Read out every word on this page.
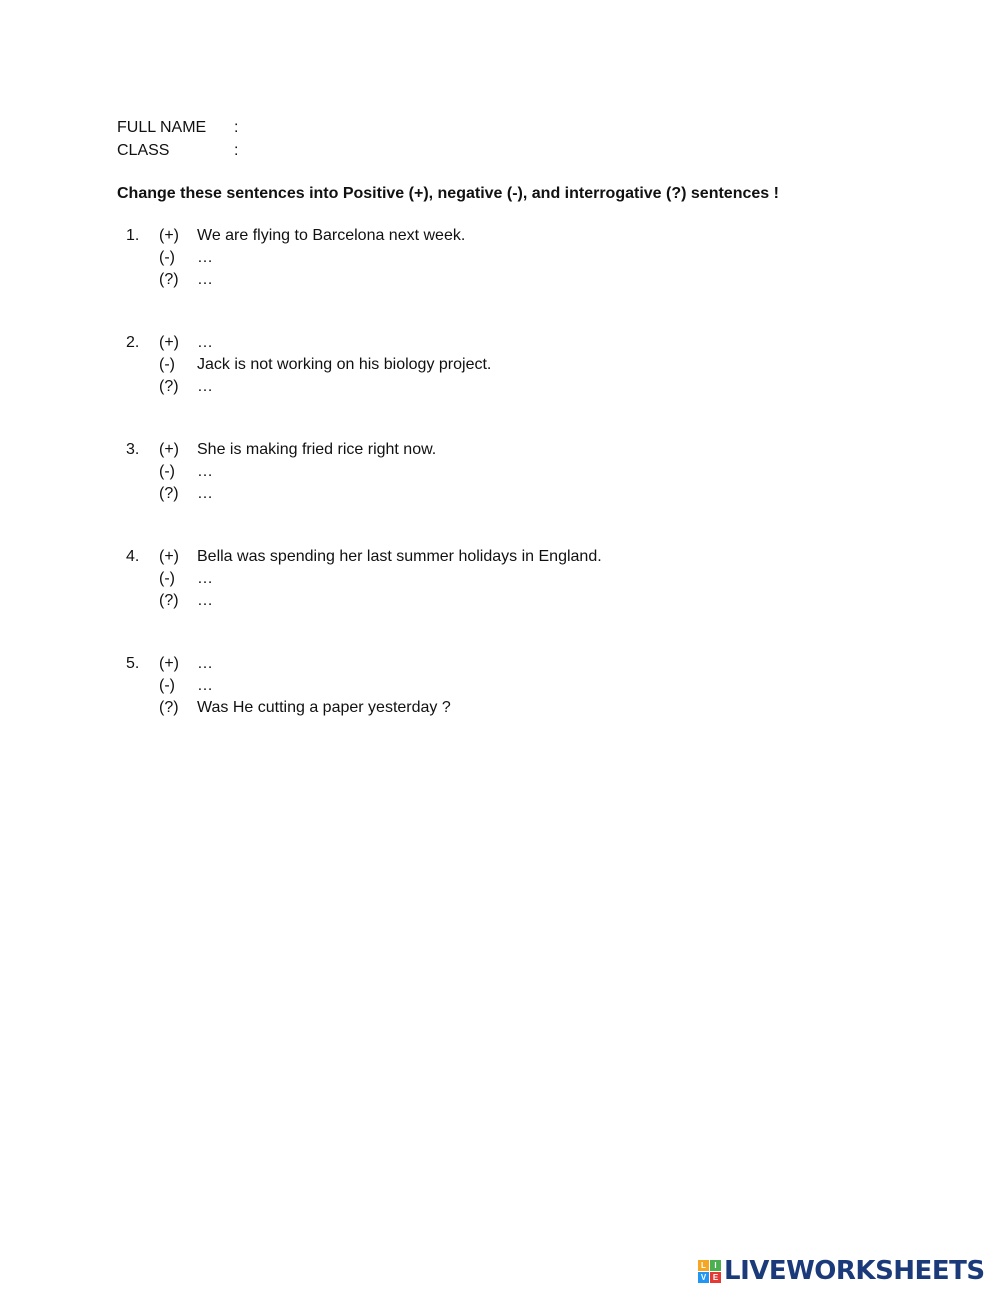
FULL NAME :
CLASS	:
Change these sentences into Positive (+), negative (-), and interrogative (?) sentences !
1. (+) We are flying to Barcelona next week.
(-) …
(?) …
2. (+) …
(-) Jack is not working on his biology project.
(?) …
3. (+) She is making fried rice right now.
(-) …
(?) …
4. (+) Bella was spending her last summer holidays in England.
(-) …
(?) …
5. (+) …
(-) …
(?) Was He cutting a paper yesterday ?
L	I
V E LIVEWORKSHEETS
